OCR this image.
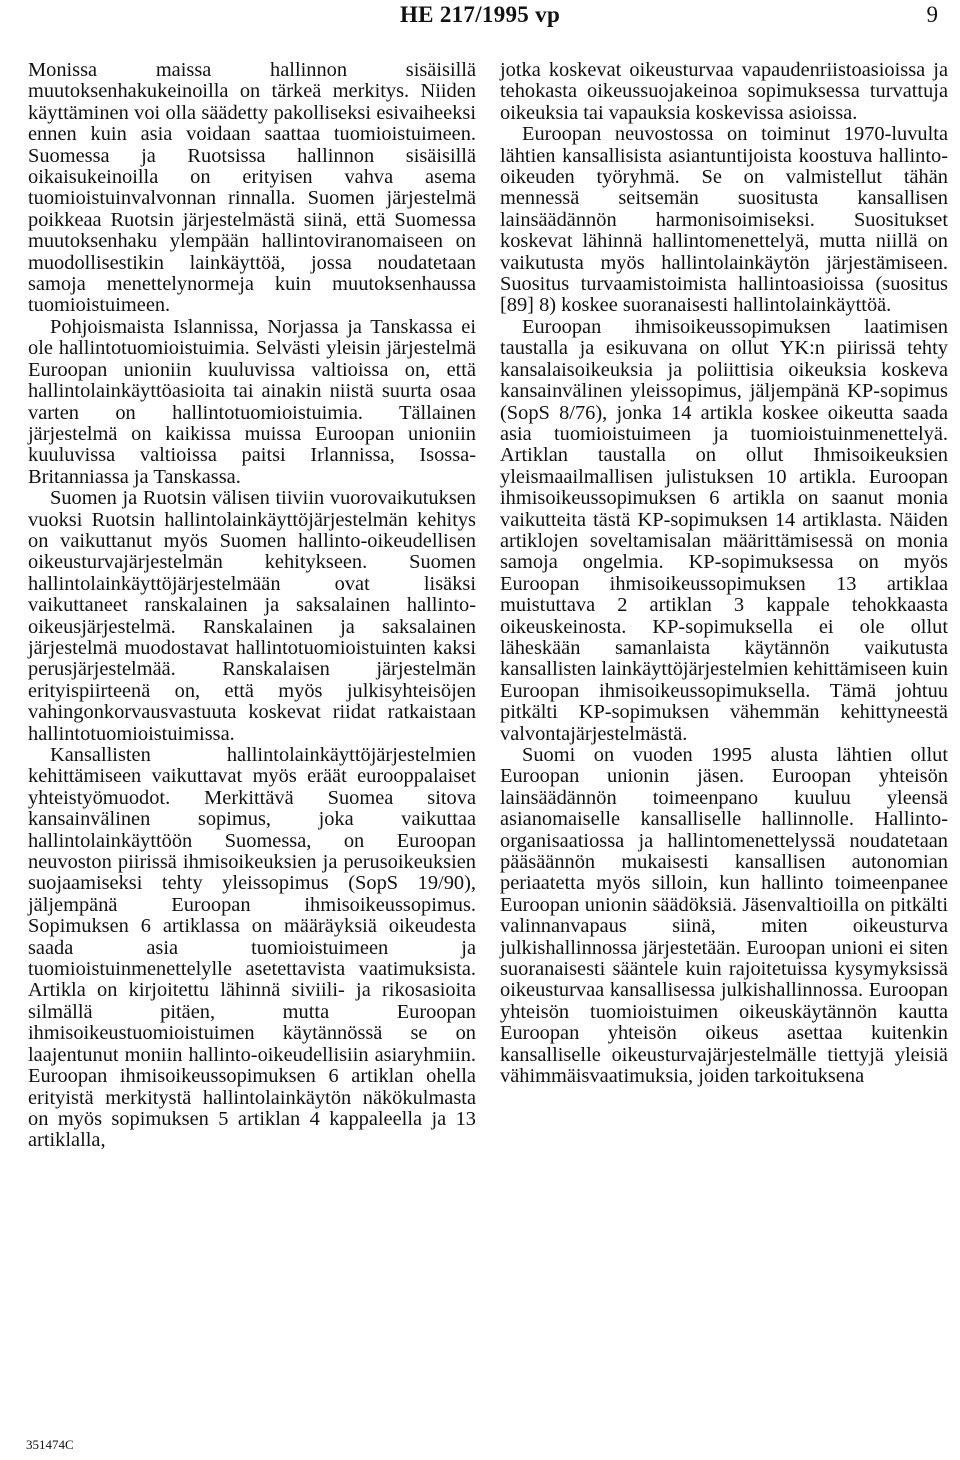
HE 217/1995 vp	9

Monissa maissa hallinnon sisäisillä muutoksenhakukeinoilla on tärkeä merkitys. Niiden käyttäminen voi olla säädetty pakolliseksi esivaiheeksi ennen kuin asia voidaan saattaa tuomioistuimeen. Suomessa ja Ruotsissa hallinnon sisäisillä oikaisukeinoilla on erityisen vahva asema tuomioistuinvalvonnan rinnalla. Suomen järjestelmä poikkeaa Ruotsin järjestelmästä siinä, että Suomessa muutoksenhaku ylempään hallintoviranomaiseen on muodollisestikin lainkäyttöä, jossa noudatetaan samoja menettelynormeja kuin muutoksenhaussa tuomioistuimeen.

Pohjoismaista Islannissa, Norjassa ja Tanskassa ei ole hallintotuomioistuimia. Selvästi yleisin järjestelmä Euroopan unioniin kuuluvissa valtioissa on, että hallintolainkäyttöasioita tai ainakin niistä suurta osaa varten on hallintotuomioistuimia. Tällainen järjestelmä on kaikissa muissa Euroopan unioniin kuuluvissa valtioissa paitsi Irlannissa, Isossa-Britanniassa ja Tanskassa.

Suomen ja Ruotsin välisen tiiviin vuorovaikutuksen vuoksi Ruotsin hallintolainkäyttöjärjestelmän kehitys on vaikuttanut myös Suomen hallinto-oikeudellisen oikeusturvajärjestelmän kehitykseen. Suomen hallintolainkäyttöjärjestelmään ovat lisäksi vaikuttaneet ranskalainen ja saksalainen hallinto-oikeusjärjestelmä. Ranskalainen ja saksalainen järjestelmä muodostavat hallintotuomioistuinten kaksi perusjärjestelmää. Ranskalaisen järjestelmän erityispiirteenä on, että myös julkisyhteisöjen vahingonkorvausvastuuta koskevat riidat ratkaistaan hallintotuomioistuimissa.

Kansallisten hallintolainkäyttöjärjestelmien kehittämiseen vaikuttavat myös eräät eurooppalaiset yhteistyömuodot. Merkittävä Suomea sitova kansainvälinen sopimus, joka vaikuttaa hallintolainkäyttöön Suomessa, on Euroopan neuvoston piirissä ihmisoikeuksien ja perusoikeuksien suojaamiseksi tehty yleissopimus (SopS 19/90), jäljempänä Euroopan ihmisoikeussopimus. Sopimuksen 6 artiklassa on määräyksiä oikeudesta saada asia tuomioistuimeen ja tuomioistuinmenettelylle asetettavista vaatimuksista. Artikla on kirjoitettu lähinnä siviili- ja rikosasioita silmällä pitäen, mutta Euroopan ihmisoikeustuomioistuimen käytännössä se on laajentunut moniin hallinto-oikeudellisiin asiaryhmiin. Euroopan ihmisoikeussopimuksen 6 artiklan ohella erityistä merkitystä hallintolainkäytön näkökulmasta on myös sopimuksen 5 artiklan 4 kappaleella ja 13 artiklalla,

jotka koskevat oikeusturvaa vapaudenriistoasioissa ja tehokasta oikeussuojakeinoa sopimuksessa turvattuja oikeuksia tai vapauksia koskevissa asioissa.

Euroopan neuvostossa on toiminut 1970-luvulta lähtien kansallisista asiantuntijoista koostuva hallinto-oikeuden työryhmä. Se on valmistellut tähän mennessä seitsemän suositusta kansallisen lainsäädännön harmonisoimiseksi. Suositukset koskevat lähinnä hallintomenettelyä, mutta niillä on vaikutusta myös hallintolainkäytön järjestämiseen. Suositus turvaamistoimista hallintoasioissa (suositus [89] 8) koskee suoranaisesti hallintolainkäyttöä.

Euroopan ihmisoikeussopimuksen laatimisen taustalla ja esikuvana on ollut YK:n piirissä tehty kansalaisoikeuksia ja poliittisia oikeuksia koskeva kansainvälinen yleissopimus, jäljempänä KP-sopimus (SopS 8/76), jonka 14 artikla koskee oikeutta saada asia tuomioistuimeen ja tuomioistuinmenettelyä. Artiklan taustalla on ollut Ihmisoikeuksien yleismaailmallisen julistuksen 10 artikla. Euroopan ihmisoikeussopimuksen 6 artikla on saanut monia vaikutteita tästä KP-sopimuksen 14 artiklasta. Näiden artiklojen soveltamisalan määrittämisessä on monia samoja ongelmia. KP-sopimuksessa on myös Euroopan ihmisoikeussopimuksen 13 artiklaa muistuttava 2 artiklan 3 kappale tehokkaasta oikeuskeinosta. KP-sopimuksella ei ole ollut läheskään samanlaista käytännön vaikutusta kansallisten lainkäyttöjärjestelmien kehittämiseen kuin Euroopan ihmisoikeussopimuksella. Tämä johtuu pitkälti KP-sopimuksen vähemmän kehittyneestä valvontajärjestelmästä.

Suomi on vuoden 1995 alusta lähtien ollut Euroopan unionin jäsen. Euroopan yhteisön lainsäädännön toimeenpano kuuluu yleensä asianomaiselle kansalliselle hallinnolle. Hallinto-organisaatiossa ja hallintomenettelyssä noudatetaan pääsäännön mukaisesti kansallisen autonomian periaatetta myös silloin, kun hallinto toimeenpanee Euroopan unionin säädöksiä. Jäsenvaltioilla on pitkälti valinnanvapaus siinä, miten oikeusturva julkishallinnossa järjestetään. Euroopan unioni ei siten suoranaisesti sääntele kuin rajoitetuissa kysymyksissä oikeusturvaa kansallisessa julkishallinnossa. Euroopan yhteisön tuomioistuimen oikeuskäytännön kautta Euroopan yhteisön oikeus asettaa kuitenkin kansalliselle oikeusturvajärjestelmälle tiettyjä yleisiä vähimmäisvaatimuksia, joiden tarkoituksena

351474C
